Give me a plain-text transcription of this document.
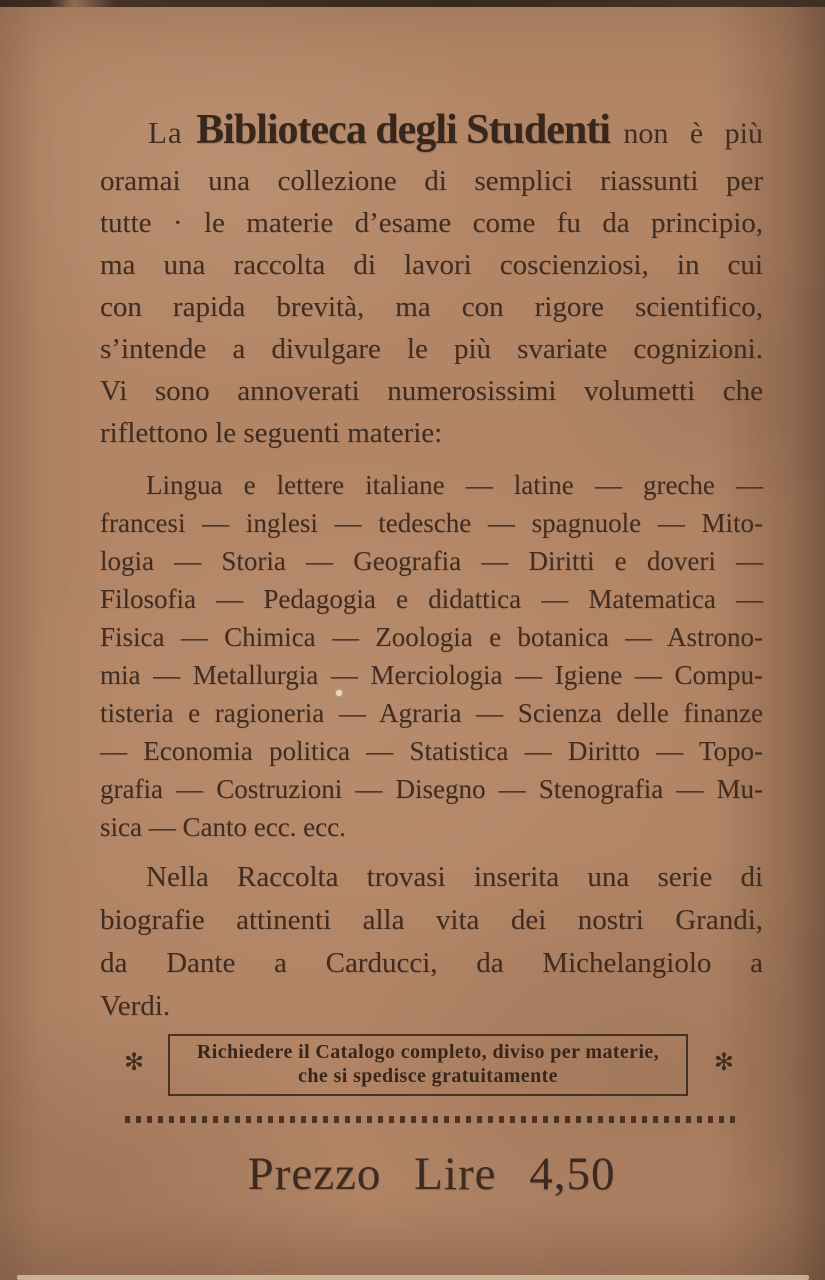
La Biblioteca degli Studenti non è più
oramai una collezione di semplici riassunti per
tutte · le materie d’esame come fu da principio,
ma una raccolta di lavori coscienziosi, in cui
con rapida brevità, ma con rigore scientifico,
s’intende a divulgare le più svariate cognizioni.
Vi sono annoverati numerosissimi volumetti che
riflettono le seguenti materie:
Lingua e lettere italiane — latine — greche —
francesi — inglesi — tedesche — spagnuole — Mito-
logia — Storia — Geografia — Diritti e doveri —
Filosofia — Pedagogia e didattica — Matematica —
Fisica — Chimica — Zoologia e botanica — Astrono-
mia — Metallurgia — Merciologia — Igiene — Compu-
tisteria e ragioneria — Agraria — Scienza delle finanze
— Economia politica — Statistica — Diritto — Topo-
grafia — Costruzioni — Disegno — Stenografia — Mu-
sica — Canto ecc. ecc.
Nella Raccolta trovasi inserita una serie di
biografie attinenti alla vita dei nostri Grandi,
da Dante a Carducci, da Michelangiolo a
Verdi.
✻	Richiedere il Catalogo completo, diviso per materie,
che si spedisce gratuitamente	✻
Prezzo Lire 4,50
